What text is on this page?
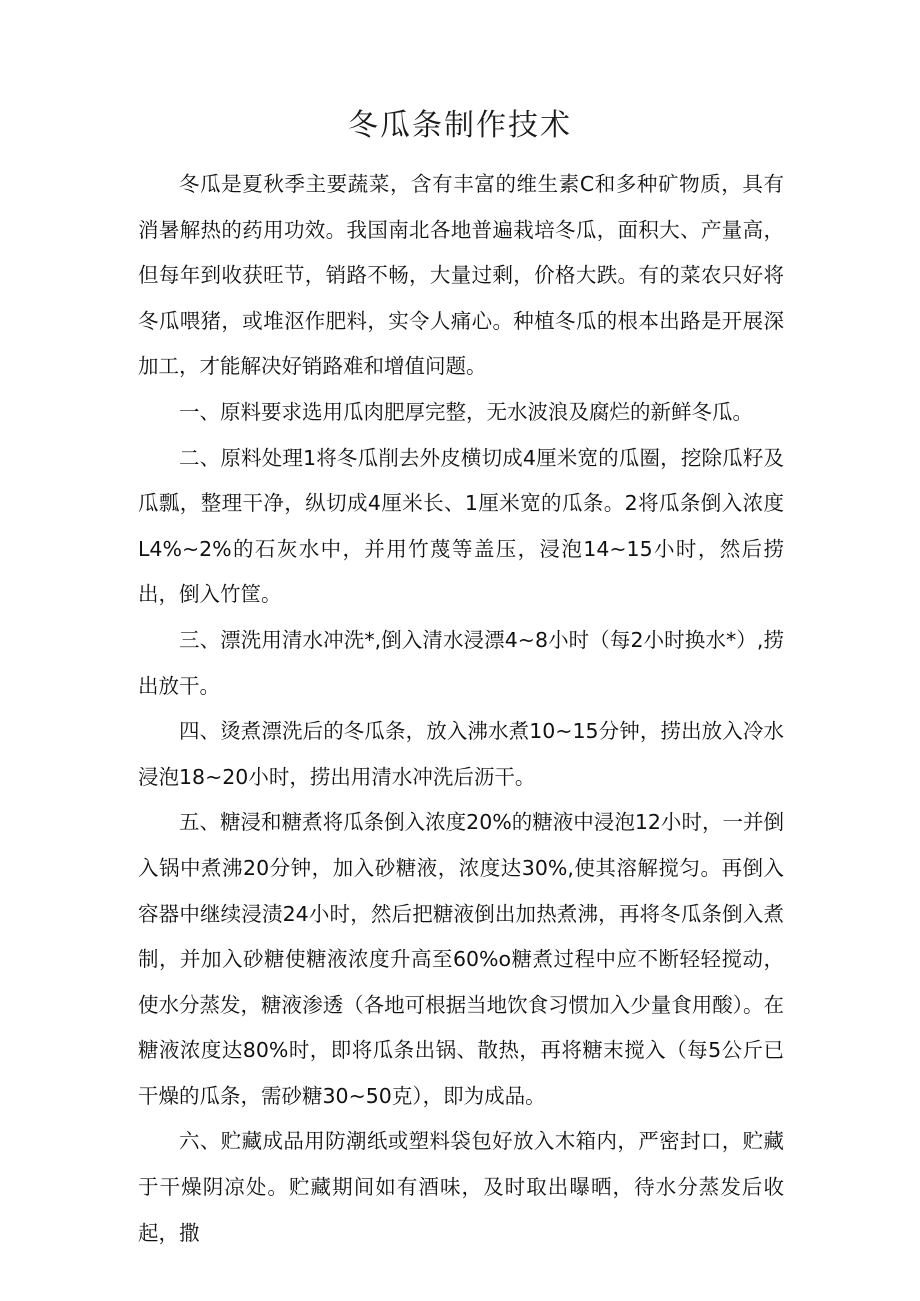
冬瓜条制作技术

冬瓜是夏秋季主要蔬菜，含有丰富的维生素C和多种矿物质，具有消暑解热的药用功效。我国南北各地普遍栽培冬瓜，面积大、产量高，但每年到收获旺节，销路不畅，大量过剩，价格大跌。有的菜农只好将冬瓜喂猪，或堆沤作肥料，实令人痛心。种植冬瓜的根本出路是开展深加工，才能解决好销路难和增值问题。

一、原料要求选用瓜肉肥厚完整，无水波浪及腐烂的新鲜冬瓜。

二、原料处理1将冬瓜削去外皮横切成4厘米宽的瓜圈，挖除瓜籽及瓜瓢，整理干净，纵切成4厘米长、1厘米宽的瓜条。2将瓜条倒入浓度L4%~2%的石灰水中，并用竹蔑等盖压，浸泡14~15小时，然后捞出，倒入竹筐。

三、漂洗用清水冲洗*,倒入清水浸漂4~8小时（每2小时换水*）,捞出放干。

四、烫煮漂洗后的冬瓜条，放入沸水煮10~15分钟，捞出放入冷水浸泡18~20小时，捞出用清水冲洗后沥干。

五、糖浸和糖煮将瓜条倒入浓度20%的糖液中浸泡12小时，一并倒入锅中煮沸20分钟，加入砂糖液，浓度达30%,使其溶解搅匀。再倒入容器中继续浸渍24小时，然后把糖液倒出加热煮沸，再将冬瓜条倒入煮制，并加入砂糖使糖液浓度升高至60%o糖煮过程中应不断轻轻搅动，使水分蒸发，糖液渗透（各地可根据当地饮食习惯加入少量食用酸）。在糖液浓度达80%时，即将瓜条出锅、散热，再将糖末搅入（每5公斤已干燥的瓜条，需砂糖30~50克），即为成品。

六、贮藏成品用防潮纸或塑料袋包好放入木箱内，严密封口，贮藏于干燥阴凉处。贮藏期间如有酒味，及时取出曝晒，待水分蒸发后收起，撒
